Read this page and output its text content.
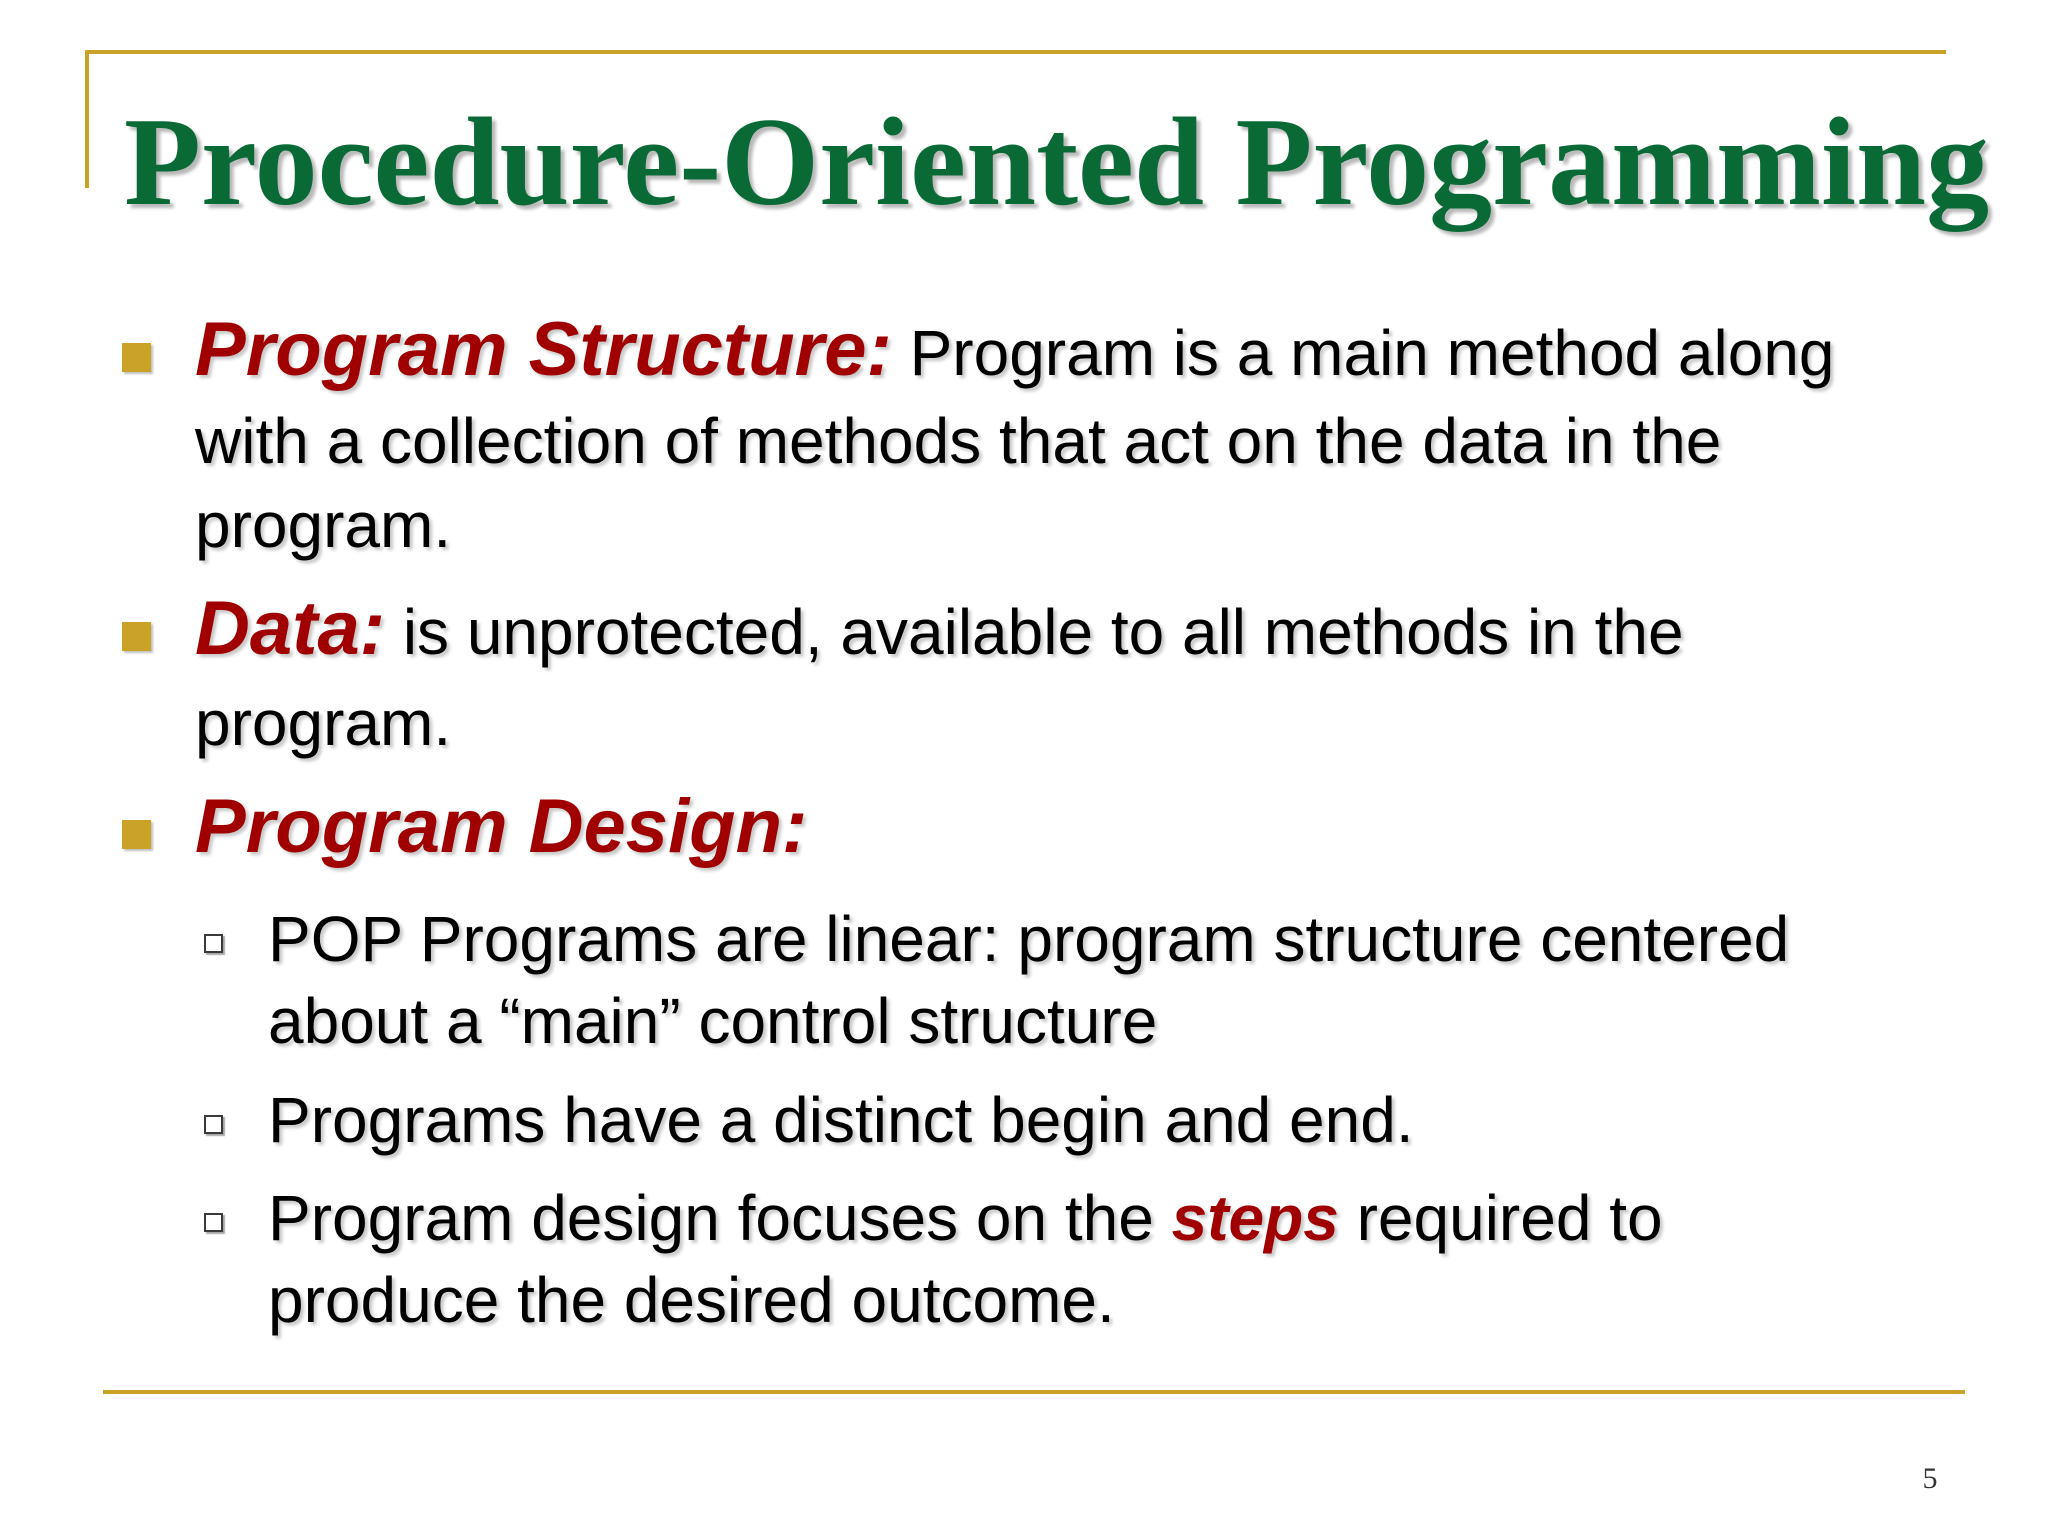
Procedure-Oriented Programming
Program Structure: Program is a main method along
with a collection of methods that act on the data in the
program.
Data: is unprotected, available to all methods in the
program.
Program Design:
POP Programs are linear: program structure centered
about a “main” control structure
Programs have a distinct begin and end.
Program design focuses on the steps required to
produce the desired outcome.
5
